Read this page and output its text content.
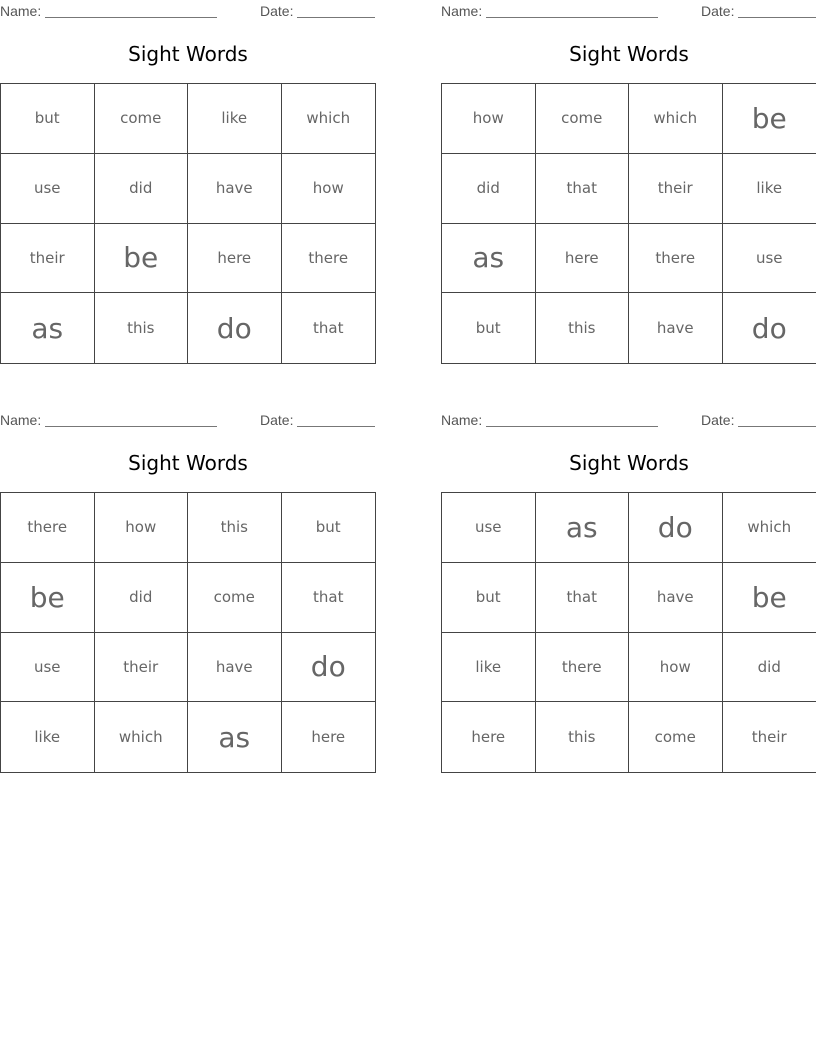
Name:	Date:
Sight Words
but	come	like	which
use	did	have	how
their	be	here	there
as	this	do	that
Name:	Date:
Sight Words
how	come	which	be
did	that	their	like
as	here	there	use
but	this	have	do
Name:	Date:
Sight Words
there	how	this	but
be	did	come	that
use	their	have	do
like	which	as	here
Name:	Date:
Sight Words
use	as	do	which
but	that	have	be
like	there	how	did
here	this	come	their
